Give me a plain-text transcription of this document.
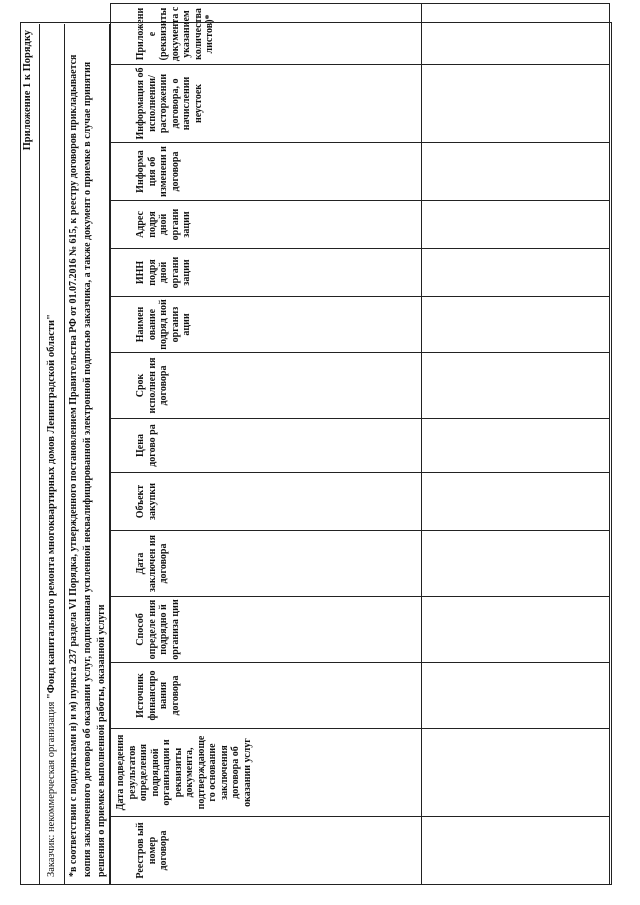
Приложение 1 к Порядку
Заказчик: некоммерческая организация "Фонд капитального ремонта многоквартирных домов Ленинградской области"	*в соответствии с подпунктами н) и м) пункта 237 раздела VI Порядка, утвержденного постановлением Правительства РФ от 01.07.2016 № 615, к реестру договоров прикладывается копия заключенного договора об оказании услуг, подписанная усиленной неквалифицированной электронной подписью заказчика, а также документ о приемке в случае принятия решения о приемке выполненной работы, оказанной услуги	Реестров ый номер договора	Дата подведения результатов определения подрядной организации и реквизиты документа, подтверждающе го основание заключения договора об оказании услуг	Источник финансиро вания договора	Способ определе ния подрядно й организа ции	Дата заключен ия договора	Объект закупки	Цена догово ра	Срок исполнен ия договора	Наимен ование подряд ной организ ации	ИНН подря дной органи зации	Адрес подря дной органи зации	Информа ция об изменени и договора	Информация об исполнении/ расторжении договора, о начислении неустоек	Приложени е (реквизиты документа с указанием количества листов)*
